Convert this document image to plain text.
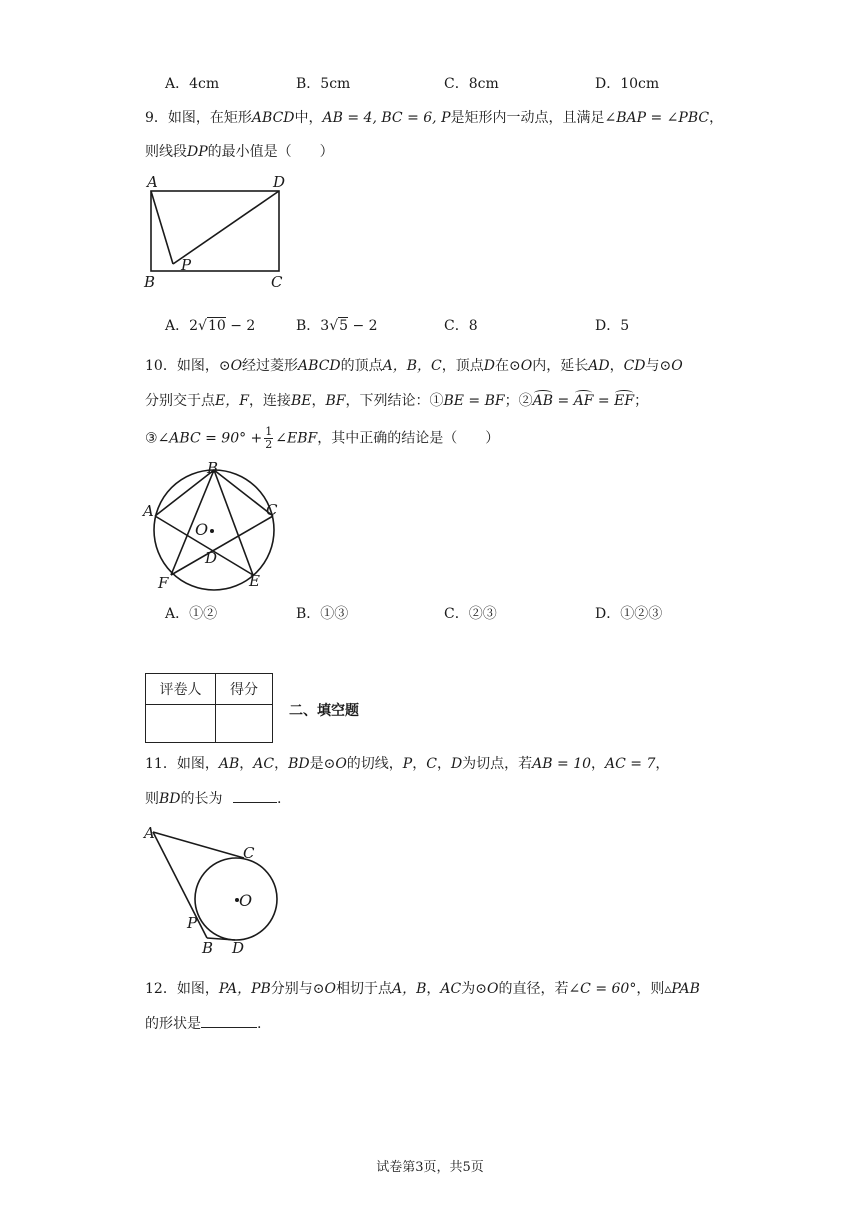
A．4cm	B．5cm	C．8cm	D．10cm
9．如图，在矩形ABCD中，AB = 4, BC = 6, P是矩形内一动点，且满足∠BAP = ∠PBC，
则线段DP的最小值是（　　）
A	D
B	C
P
A．2√10 − 2	B．3√5 − 2	C．8	D．5
10．如图，⊙O经过菱形ABCD的顶点A，B，C，顶点D在⊙O内，延长AD，CD与⊙O
分别交于点E，F，连接BE，BF，下列结论：①BE = BF；②AB = AF = EF；
③∠ABC = $90^\circ + \frac{1}{2}$ ∠EBF，其中正确的结论是（　　）
B
A	C
O
D
F	E
A．①②	B．①③	C．②③	D．①②③
评卷人	得分

二、填空题
11．如图，AB，AC，BD是⊙O的切线，P，C，D为切点，若AB = 10，AC = 7，
则BD的长为	.
A
C
O
P
B D
12．如图，PA，PB分别与⊙O相切于点A，B，AC为⊙O的直径，若∠C = 60°，则▵PAB
的形状是	.
试卷第3页，共5页
